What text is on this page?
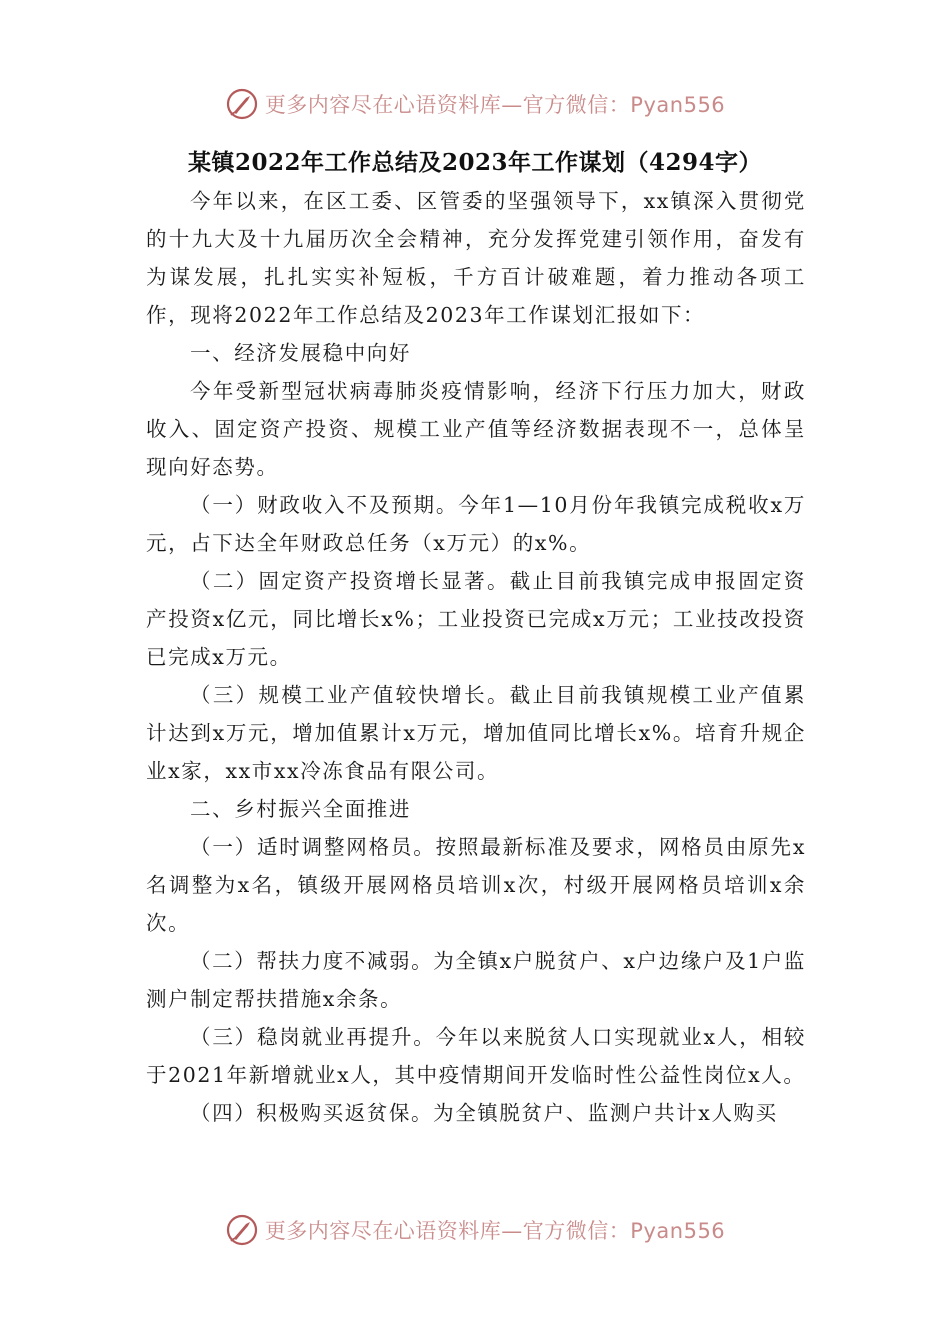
更多内容尽在心语资料库—官方微信：Pyan556
某镇2022年工作总结及2023年工作谋划（4294字）

今年以来，在区工委、区管委的坚强领导下，xx镇深入贯彻党的十九大及十九届历次全会精神，充分发挥党建引领作用，奋发有为谋发展，扎扎实实补短板，千方百计破难题，着力推动各项工作，现将2022年工作总结及2023年工作谋划汇报如下：

一、经济发展稳中向好

今年受新型冠状病毒肺炎疫情影响，经济下行压力加大，财政收入、固定资产投资、规模工业产值等经济数据表现不一，总体呈现向好态势。

（一）财政收入不及预期。今年1—10月份年我镇完成税收x万元，占下达全年财政总任务（x万元）的x%。

（二）固定资产投资增长显著。截止目前我镇完成申报固定资产投资x亿元，同比增长x%；工业投资已完成x万元；工业技改投资已完成x万元。

（三）规模工业产值较快增长。截止目前我镇规模工业产值累计达到x万元，增加值累计x万元，增加值同比增长x%。培育升规企业x家，xx市xx冷冻食品有限公司。

二、乡村振兴全面推进

（一）适时调整网格员。按照最新标准及要求，网格员由原先x名调整为x名，镇级开展网格员培训x次，村级开展网格员培训x余次。

（二）帮扶力度不减弱。为全镇x户脱贫户、x户边缘户及1户监测户制定帮扶措施x余条。

（三）稳岗就业再提升。今年以来脱贫人口实现就业x人，相较于2021年新增就业x人，其中疫情期间开发临时性公益性岗位x人。

（四）积极购买返贫保。为全镇脱贫户、监测户共计x人购买

更多内容尽在心语资料库—官方微信：Pyan556
